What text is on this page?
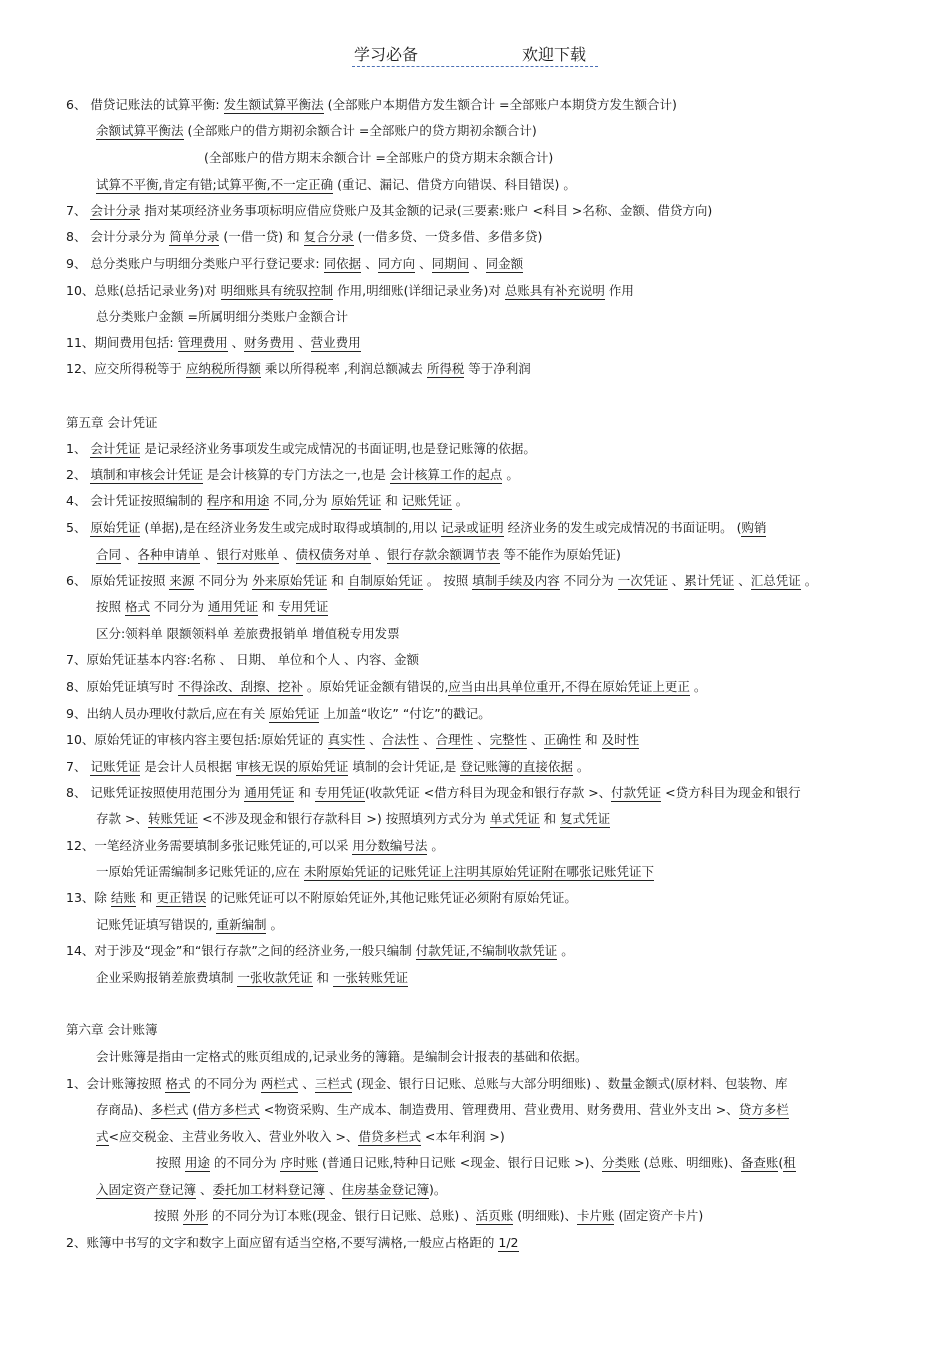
学习必备	欢迎下载
6、 借贷记账法的试算平衡: 发生额试算平衡法 (全部账户本期借方发生额合计 =全部账户本期贷方发生额合计)
余额试算平衡法 (全部账户的借方期初余额合计 =全部账户的贷方期初余额合计)
(全部账户的借方期末余额合计 =全部账户的贷方期末余额合计)
试算不平衡,肯定有错;试算平衡,不一定正确 (重记、漏记、借贷方向错误、科目错误) 。
7、 会计分录 指对某项经济业务事项标明应借应贷账户及其金额的记录(三要素:账户 <科目 >名称、金额、借贷方向)
8、 会计分录分为 简单分录 (一借一贷) 和 复合分录 (一借多贷、一贷多借、多借多贷)
9、 总分类账户与明细分类账户平行登记要求: 同依据 、同方向 、同期间 、同金额
10、总账(总括记录业务)对 明细账具有统驭控制 作用,明细账(详细记录业务)对 总账具有补充说明 作用
总分类账户金额 =所属明细分类账户金额合计
11、期间费用包括: 管理费用 、财务费用 、营业费用
12、应交所得税等于 应纳税所得额 乘以所得税率 ,利润总额减去 所得税 等于净利润
第五章 会计凭证
1、 会计凭证 是记录经济业务事项发生或完成情况的书面证明,也是登记账簿的依据。
2、 填制和审核会计凭证 是会计核算的专门方法之一,也是 会计核算工作的起点 。
4、 会计凭证按照编制的 程序和用途 不同,分为 原始凭证 和 记账凭证 。
5、 原始凭证 (单据),是在经济业务发生或完成时取得或填制的,用以 记录或证明 经济业务的发生或完成情况的书面证明。 (购销
合同 、各种申请单 、银行对账单 、债权债务对单 、银行存款余额调节表 等不能作为原始凭证)
6、 原始凭证按照 来源 不同分为 外来原始凭证 和 自制原始凭证 。 按照 填制手续及内容 不同分为 一次凭证 、累计凭证 、汇总凭证 。
按照 格式 不同分为 通用凭证 和 专用凭证
区分:领料单 限额领料单 差旅费报销单 增值税专用发票
7、原始凭证基本内容:名称 、 日期、 单位和个人 、内容、金额
8、原始凭证填写时 不得涂改、刮擦、挖补 。原始凭证金额有错误的,应当由出具单位重开,不得在原始凭证上更正 。
9、出纳人员办理收付款后,应在有关 原始凭证 上加盖“收讫” “付讫”的戳记。
10、原始凭证的审核内容主要包括:原始凭证的 真实性 、合法性 、合理性 、完整性 、正确性 和 及时性
7、 记账凭证 是会计人员根据 审核无误的原始凭证 填制的会计凭证,是 登记账簿的直接依据 。
8、 记账凭证按照使用范围分为 通用凭证 和 专用凭证(收款凭证 <借方科目为现金和银行存款 >、付款凭证 <贷方科目为现金和银行
存款 >、转账凭证 <不涉及现金和银行存款科目 >) 按照填列方式分为 单式凭证 和 复式凭证
12、一笔经济业务需要填制多张记账凭证的,可以采 用分数编号法 。
一原始凭证需编制多记账凭证的,应在 未附原始凭证的记账凭证上注明其原始凭证附在哪张记账凭证下
13、除 结账 和 更正错误 的记账凭证可以不附原始凭证外,其他记账凭证必须附有原始凭证。
记账凭证填写错误的, 重新编制 。
14、对于涉及“现金”和“银行存款”之间的经济业务,一般只编制 付款凭证,不编制收款凭证 。
企业采购报销差旅费填制 一张收款凭证 和 一张转账凭证
第六章 会计账簿
会计账簿是指由一定格式的账页组成的,记录业务的簿籍。是编制会计报表的基础和依据。
1、会计账簿按照 格式 的不同分为 两栏式 、三栏式 (现金、银行日记账、总账与大部分明细账) 、数量金额式(原材料、包装物、库
存商品)、多栏式 (借方多栏式 <物资采购、生产成本、制造费用、管理费用、营业费用、财务费用、营业外支出 >、贷方多栏
式<应交税金、主营业务收入、营业外收入 >、借贷多栏式 <本年利润 >)
按照 用途 的不同分为 序时账 (普通日记账,特种日记账 <现金、银行日记账 >)、分类账 (总账、明细账)、备查账(租
入固定资产登记簿 、委托加工材料登记簿 、住房基金登记簿)。
按照 外形 的不同分为订本账(现金、银行日记账、总账) 、活页账 (明细账)、卡片账 (固定资产卡片)
2、账簿中书写的文字和数字上面应留有适当空格,不要写满格,一般应占格距的 1/2
